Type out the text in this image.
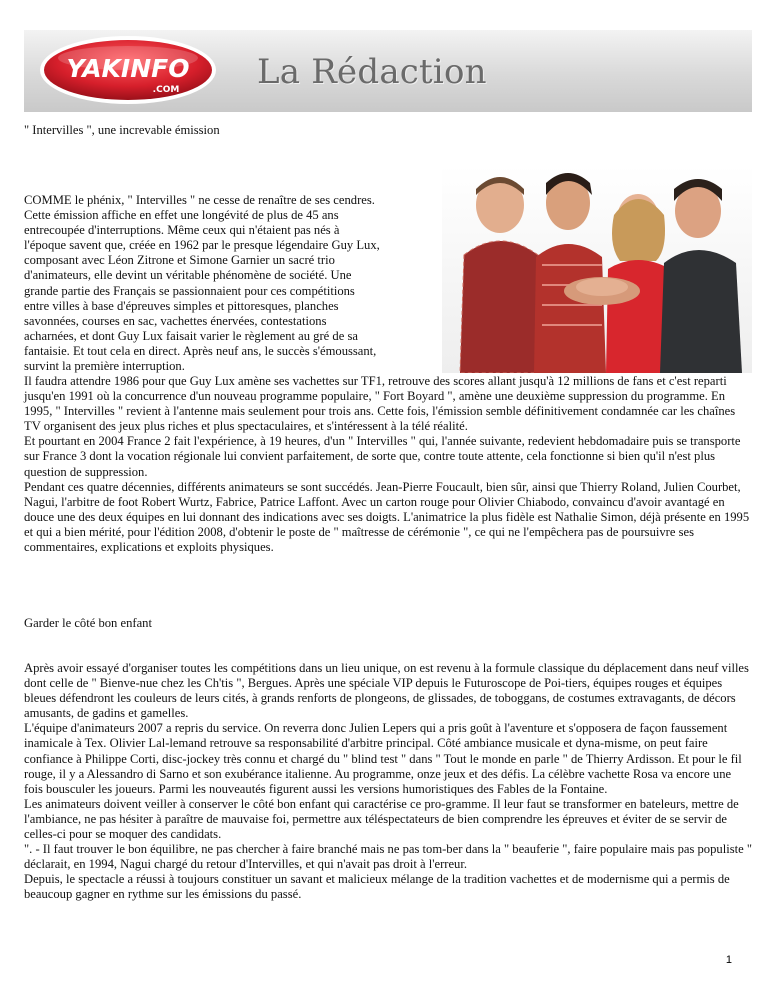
YAKINFO
.COM La Rédaction
" Intervilles ", une increvable émission
COMME le phénix, " Intervilles " ne cesse de renaître de ses cendres.
Cette émission affiche en effet une longévité de plus de 45 ans
entrecoupée d'interruptions. Même ceux qui n'étaient pas nés à
l'époque savent que, créée en 1962 par le presque légendaire Guy Lux,
composant avec Léon Zitrone et Simone Garnier un sacré trio
d'animateurs, elle devint un véritable phénomène de société. Une
grande partie des Français se passionnaient pour ces compétitions
entre villes à base d'épreuves simples et pittoresques, planches
savonnées, courses en sac, vachettes énervées, contestations
acharnées, et dont Guy Lux faisait varier le règlement au gré de sa
fantaisie. Et tout cela en direct. Après neuf ans, le succès s'émoussant,
survint la première interruption.

Il faudra attendre 1986 pour que Guy Lux amène ses vachettes sur TF1, retrouve des scores allant jusqu'à 12 millions de fans et c'est reparti jusqu'en 1991 où la concurrence d'un nouveau programme populaire, " Fort Boyard ", amène une deuxième suppression du programme. En 1995, " Intervilles " revient à l'antenne mais seulement pour trois ans. Cette fois, l'émission semble définitivement condamnée car les chaînes TV organisent des jeux plus riches et plus spectaculaires, et s'intéressent à la télé réalité.

Et pourtant en 2004 France 2 fait l'expérience, à 19 heures, d'un " Intervilles " qui, l'année suivante, redevient hebdomadaire puis se transporte sur France 3 dont la vocation régionale lui convient parfaitement, de sorte que, contre toute attente, cela fonctionne si bien qu'il n'est plus question de suppression.

Pendant ces quatre décennies, différents animateurs se sont succédés. Jean-Pierre Foucault, bien sûr, ainsi que Thierry Roland, Julien Courbet, Nagui, l'arbitre de foot Robert Wurtz, Fabrice, Patrice Laffont. Avec un carton rouge pour Olivier Chiabodo, convaincu d'avoir avantagé en douce une des deux équipes en lui donnant des indications avec ses doigts. L'animatrice la plus fidèle est Nathalie Simon, déjà présente en 1995 et qui a bien mérité, pour l'édition 2008, d'obtenir le poste de " maîtresse de cérémonie ", ce qui ne l'empêchera pas de poursuivre ses commentaires, explications et exploits physiques.

Garder le côté bon enfant

Après avoir essayé d'organiser toutes les compétitions dans un lieu unique, on est revenu à la formule classique du déplacement dans neuf villes dont celle de " Bienve-nue chez les Ch'tis ", Bergues. Après une spéciale VIP depuis le Futuroscope de Poi-tiers, équipes rouges et équipes bleues défendront les couleurs de leurs cités, à grands renforts de plongeons, de glissades, de toboggans, de costumes extravagants, de décors amusants, de gadins et gamelles.

L'équipe d'animateurs 2007 a repris du service. On reverra donc Julien Lepers qui a pris goût à l'aventure et s'opposera de façon faussement inamicale à Tex. Olivier Lal-lemand retrouve sa responsabilité d'arbitre principal. Côté ambiance musicale et dyna-misme, on peut faire confiance à Philippe Corti, disc-jockey très connu et chargé du " blind test " dans " Tout le monde en parle " de Thierry Ardisson. Et pour le fil rouge, il y a Alessandro di Sarno et son exubérance italienne. Au programme, onze jeux et des défis. La célèbre vachette Rosa va encore une fois bousculer les joueurs. Parmi les nouveautés figurent aussi les versions humoristiques des Fables de la Fontaine.

Les animateurs doivent veiller à conserver le côté bon enfant qui caractérise ce pro-gramme. Il leur faut se transformer en bateleurs, mettre de l'ambiance, ne pas hésiter à paraître de mauvaise foi, permettre aux téléspectateurs de bien comprendre les épreuves et éviter de se servir de celles-ci pour se moquer des candidats.

". - Il faut trouver le bon équilibre, ne pas chercher à faire branché mais ne pas tom-ber dans la " beauferie ", faire populaire mais pas populiste " déclarait, en 1994, Nagui chargé du retour d'Intervilles, et qui n'avait pas droit à l'erreur.

Depuis, le spectacle a réussi à toujours constituer un savant et malicieux mélange de la tradition vachettes et de modernisme qui a permis de beaucoup gagner en rythme sur les émissions du passé.

1
